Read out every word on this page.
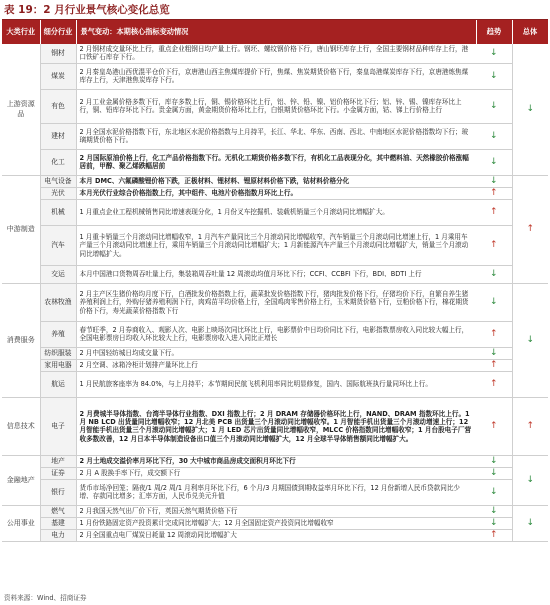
表 19：2 月行业景气核心变化总览
大类行业	细分行业	景气变动：本期核心指标变动情况	趋势	总体
上游资源品	钢材	2 月钢材成交量环比上行，重点企业粗钢日均产量上行。钢坯、螺纹钢价格下行，唐山钢坯库存上行，全国主要钢材品种库存上行，港口铁矿石库存下行。	↓	↓
	煤炭	2 月秦皇岛港山西优混平仓价下行，京唐港山西主焦煤库提价下行，焦煤、焦炭期货价格下行，秦皇岛港煤炭库存下行，京唐港炼焦煤库存上行，天津港焦炭库存下行。	↓	
	有色	2 月工业金属价格多数下行，库存多数上行，铜、锡价格环比上行，铝、锌、铅、镍、铝价格环比下行；铝、锌、锡、镍库存环比上行，铜、铅库存环比下行。贵金属方面，黄金期货价格环比上行，白银期货价格环比下行。小金属方面，钴、锑上行价格上行	↓	
	建材	2 月全国水泥价格指数下行，东北地区水泥价格指数与上月持平，长江、华北、华东、西南、西北、中南地区水泥价格指数均下行；玻璃期货价格下行。	↓	
	化工	2 月国际原油价格上行，化工产品价格指数下行。无机化工期货价格多数下行，有机化工品表现分化，其中燃料油、天然橡胶价格涨幅居前，甲醇、聚乙烯跌幅居前	↓	
中游制造	电气设备	本月 DMC、六氟磷酸锂价格下跌，正极材料、锂材料、锂原材料价格下跌，钴材料价格分化	↓	↑
	光伏	本月光伏行业综合价格指数上行，其中组件、电池片价格指数月环比上行。	↑	
	机械	1 月重点企业工程机械销售同比增速表现分化，1 月份叉车挖掘机、装载机销量三个月滚动同比增幅扩大。	↑	
	汽车	1 月重卡销量三个月滚动同比增幅收窄，1 月汽车产量同比三个月滚动同比增幅收窄，汽车销量三个月滚动同比增速上行，1 月乘用车产量三个月滚动同比增速上行，乘用车销量三个月滚动同比增幅扩大；1 月新能源汽车产量三个月滚动同比增幅扩大，销量三个月滚动同比增幅扩大。	↑	
	交运	本月中国港口货物周吞吐量上行，集装箱周吞吐量 12 周滚动均值月环比下行；CCFI、CCBFI 下行，BDI、BDTI 上行	↓	
消费服务	农林牧渔	2 月主产区生猪价格均月度下行，白酒批发价格指数上行，蔬菜批发价格指数下行，猪肉批发价格下行，仔猪均价下行，自繁自养生猪养殖利润上行，外购仔猪养殖利润下行，肉鸡苗平均价格上行，全国鸡肉零售价格上行，玉米期货价格下行，豆粕价格下行，棉花期货价格下行，寿光蔬菜价格指数下行	↓	↓
	养殖	春节旺季，2 月券商收入、观影人次、电影上映场次同比环比上行，电影票价中日均价同比下行，电影指数票房收入同比较大幅上行，全国电影票房日均收入环比较大上行，电影票房收入进入同比正增长	↑	
	纺织服装	2 月中国轻纺城日均成交量下行。	↓	
	家用电器	2 月空调、冰箱冷柜计划排产量环比上行	↑	
	航运	1 月民航旅客座率为 84.0%，与上月持平；本节期间民航飞机利用率同比明显修复，国内、国际航班执行量同环比上行。	↑	
信息技术	电子	2 月费城半导体指数、台湾半导体行业指数、DXI 指数上行；2 月 DRAM 存储器价格环比上行，NAND、DRAM 指数环比上行。1 月 NB LCD 出货量同比增幅收窄；12 月北美 PCB 出货量三个月滚动同比增幅收窄。1 月智能手机出货量三个月滚动增速上行；12 月智能手机出货量三个月滚动同比增幅扩大；1 月 LED 芯片出货量同比增幅收窄，MLCC 价格指数同比增幅收窄；1 月台股电子厂营收多数改善，12 月日本半导体制造设备出口值三个月滚动同比增幅扩大，12 月全球半导体销售额同比增幅扩大。	↑	↑
金融地产	地产	2 月土地成交溢价率月环比下行，30 大中城市商品房成交面积月环比下行	↓	↓
	证券	2 月 A 股换手率下行，成交额下行	↓	
	银行	货币市场净回笼；隔夜/1 周/2 周/1 月利率月环比下行，6 个月/3 月期国债到期收益率月环比下行，12 月份新增人民币贷款同比少增、存款同比增多；汇率方面，人民币兑美元升值	↓	
公用事业	燃气	2 月我国天然气出厂价下行，英国天然气期货价格下行	↓	↓
	基建	1 月份铁路固定资产投资累计完成同比增幅扩大；12 月全国固定资产投资同比增幅收窄	↓	
	电力	2 月全国重点电厂煤炭日耗量 12 周滚动同比增幅扩大	↑	
资料来源：Wind、招商证券
